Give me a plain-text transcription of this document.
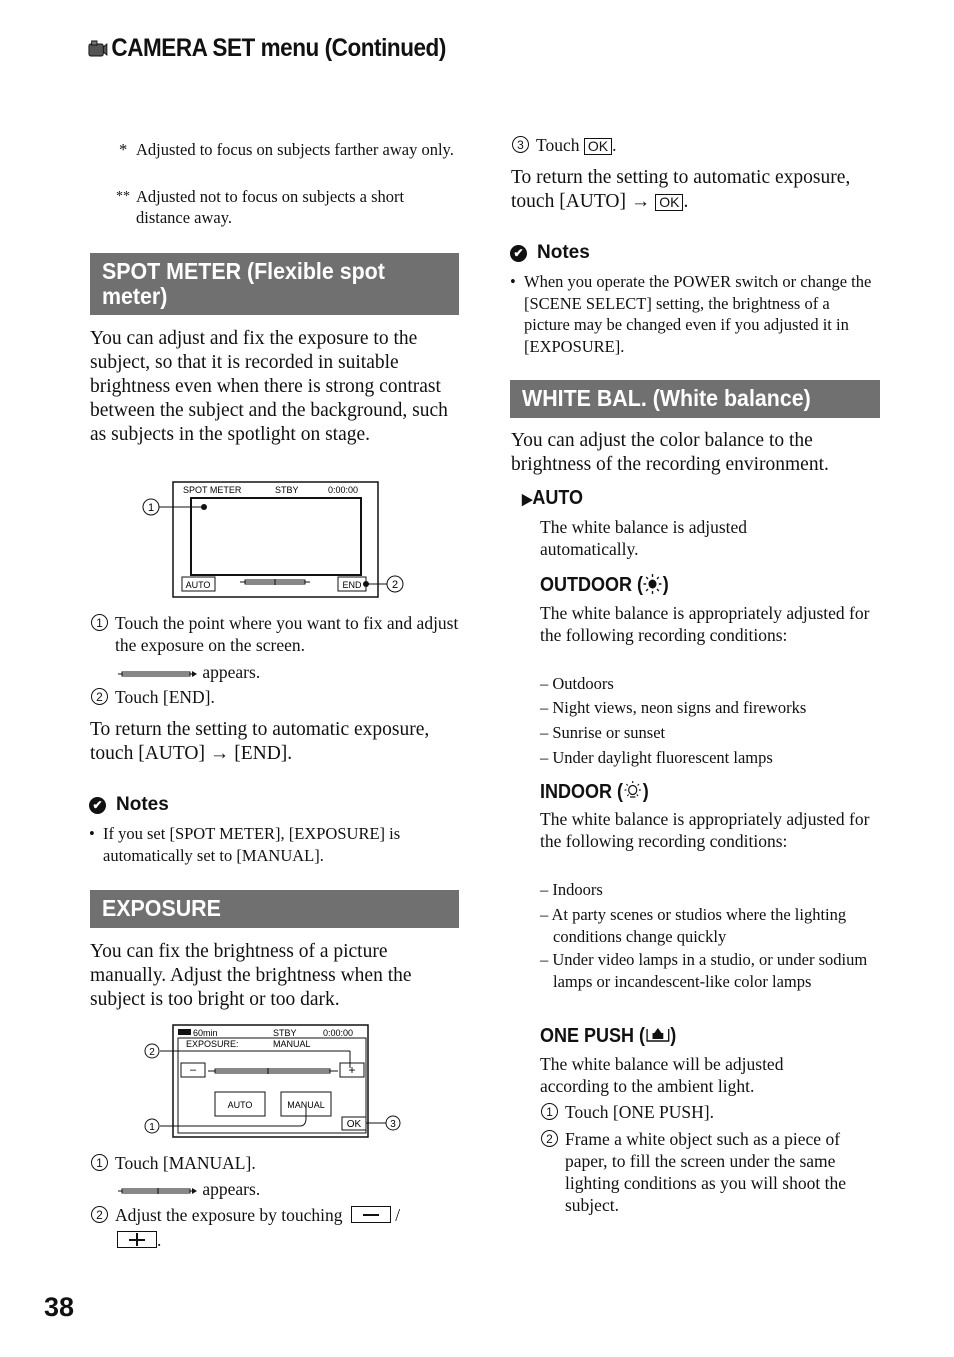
CAMERA SET menu (Continued)
* Adjusted to focus on subjects farther away only.
** Adjusted not to focus on subjects a short distance away.
SPOT METER (Flexible spot meter)
You can adjust and fix the exposure to the subject, so that it is recorded in suitable brightness even when there is strong contrast between the subject and the background, such as subjects in the spotlight on stage.
SPOT METER	STBY	0:00:00
1
AUTO	END	2
1 Touch the point where you want to fix and adjust the exposure on the screen.
appears.
2 Touch [END].
To return the setting to automatic exposure, touch [AUTO] → [END].
✔ Notes
• If you set [SPOT METER], [EXPOSURE] is automatically set to [MANUAL].
EXPOSURE
You can fix the brightness of a picture manually. Adjust the brightness when the subject is too bright or too dark.
60min	STBY	0:00:00
EXPOSURE:	MANUAL
–	+
2
AUTO	MANUAL
1	OK	3
1 Touch [MANUAL].
appears.
2 Adjust the exposure by touching	/
.
3 Touch OK .
To return the setting to automatic exposure, touch [AUTO] → OK .
✔ Notes
• When you operate the POWER switch or change the [SCENE SELECT] setting, the brightness of a picture may be changed even if you adjusted it in [EXPOSURE].
WHITE BAL. (White balance)
You can adjust the color balance to the brightness of the recording environment.
▶AUTO
The white balance is adjusted automatically.
OUTDOOR ( )
The white balance is appropriately adjusted for the following recording conditions:
– Outdoors
– Night views, neon signs and fireworks
– Sunrise or sunset
– Under daylight fluorescent lamps
INDOOR ( )
The white balance is appropriately adjusted for the following recording conditions:
– Indoors
– At party scenes or studios where the lighting conditions change quickly
– Under video lamps in a studio, or under sodium lamps or incandescent-like color lamps
ONE PUSH ( )
The white balance will be adjusted according to the ambient light.
1 Touch [ONE PUSH].
2 Frame a white object such as a piece of paper, to fill the screen under the same lighting conditions as you will shoot the subject.
38
